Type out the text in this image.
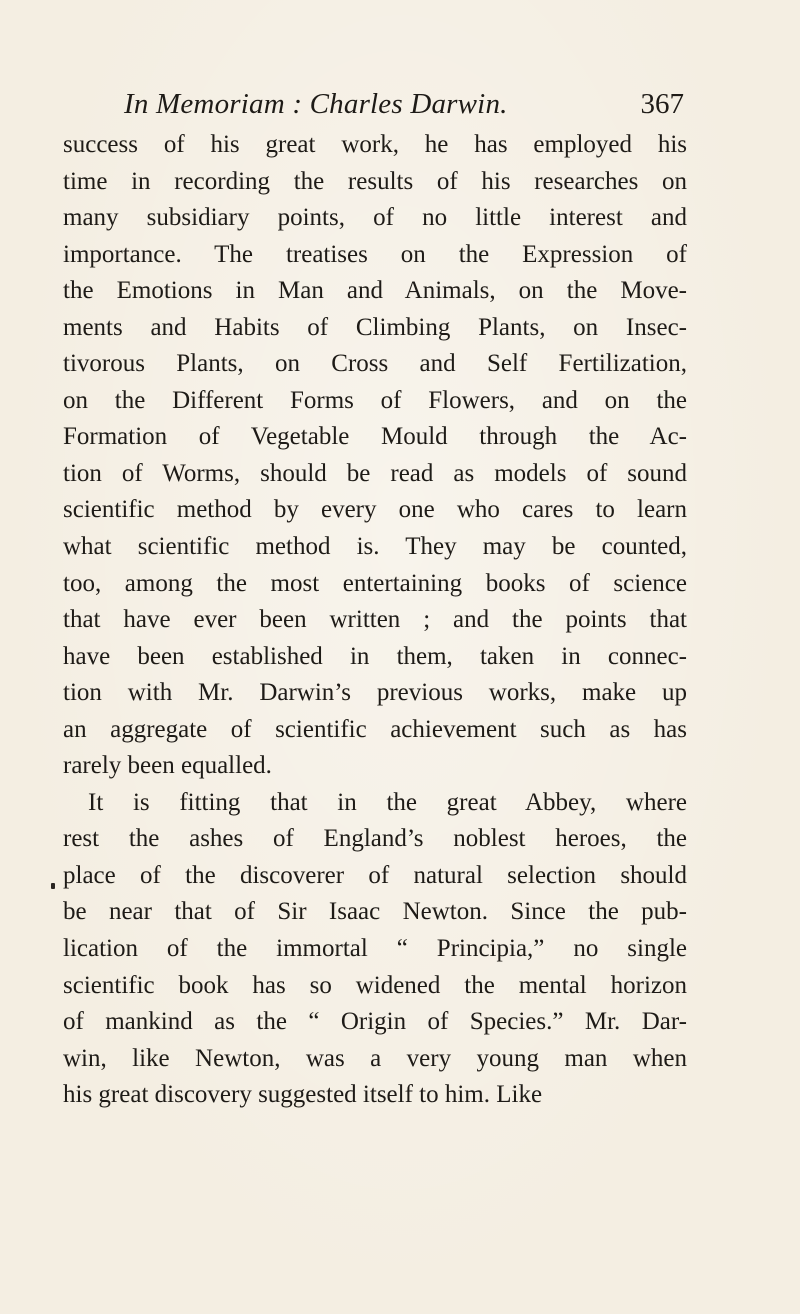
In Memoriam : Charles Darwin.	367
success of his great work, he has employed his
time in recording the results of his researches on
many subsidiary points, of no little interest and
importance. The treatises on the Expression of
the Emotions in Man and Animals, on the Move-
ments and Habits of Climbing Plants, on Insec-
tivorous Plants, on Cross and Self Fertilization,
on the Different Forms of Flowers, and on the
Formation of Vegetable Mould through the Ac-
tion of Worms, should be read as models of sound
scientific method by every one who cares to learn
what scientific method is. They may be counted,
too, among the most entertaining books of science
that have ever been written ; and the points that
have been established in them, taken in connec-
tion with Mr. Darwin’s previous works, make up
an aggregate of scientific achievement such as has
rarely been equalled.
It is fitting that in the great Abbey, where
rest the ashes of England’s noblest heroes, the
place of the discoverer of natural selection should
be near that of Sir Isaac Newton. Since the pub-
lication of the immortal “ Principia,” no single
scientific book has so widened the mental horizon
of mankind as the “ Origin of Species.” Mr. Dar-
win, like Newton, was a very young man when
his great discovery suggested itself to him. Like
